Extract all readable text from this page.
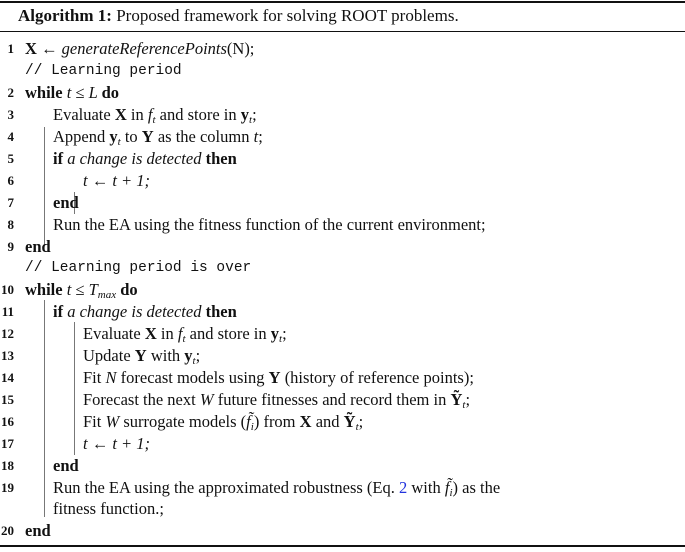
Algorithm 1: Proposed framework for solving ROOT problems.
1 X ← generateReferencePoints(N);
// Learning period
2 while t ≤ L do
3 Evaluate X in $f_t$ and store in $y_t$;
4 Append $y_t$ to Y as the column t;
5 if a change is detected then
6	t ← t + 1;
7 end
8 Run the EA using the fitness function of the current environment;
9 end
// Learning period is over
10 while $t \le T_{max}$ do
11 if a change is detected then
12	Evaluate X in $f_t$ and store in $y_t$;
13	Update Y with $y_t$;
14	Fit N forecast models using Y (history of reference points);
15	Forecast the next W future fitnesses and record them in Ỹ$_t$;
16	Fit W surrogate models $(f̃_i)$ from X and Ỹ$_t$;
17	t ← t + 1;
18 end
19 Run the EA using the approximated robustness (Eq. 2 with $f̃_i$) as the
fitness function.;
20 end
